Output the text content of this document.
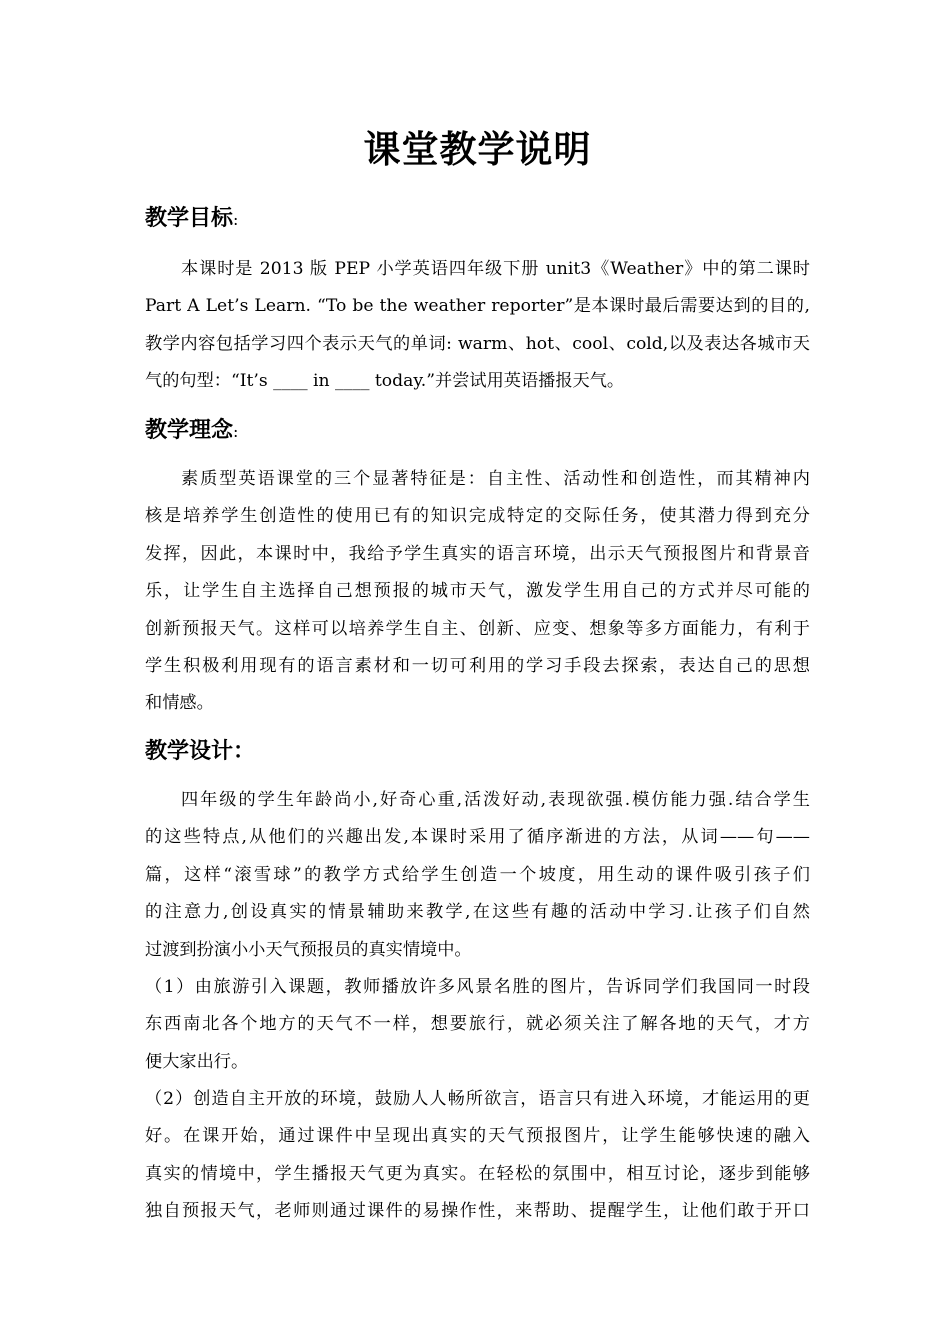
课堂教学说明
教学目标:
本课时是 2013 版 PEP 小学英语四年级下册 unit3《Weather》中的第二课时
Part A Let’s Learn. “To be the weather reporter”是本课时最后需要达到的目的,
教学内容包括学习四个表示天气的单词: warm、hot、cool、cold,以及表达各城市天
气的句型：“It’s ____ in ____ today.”并尝试用英语播报天气。
教学理念:
素质型英语课堂的三个显著特征是：自主性、活动性和创造性，而其精神内
核是培养学生创造性的使用已有的知识完成特定的交际任务，使其潜力得到充分
发挥，因此，本课时中，我给予学生真实的语言环境，出示天气预报图片和背景音
乐，让学生自主选择自己想预报的城市天气，激发学生用自己的方式并尽可能的
创新预报天气。这样可以培养学生自主、创新、应变、想象等多方面能力，有利于
学生积极利用现有的语言素材和一切可利用的学习手段去探索，表达自己的思想
和情感。
教学设计：
四年级的学生年龄尚小,好奇心重,活泼好动,表现欲强.模仿能力强.结合学生
的这些特点,从他们的兴趣出发,本课时采用了循序渐进的方法，从词——句——
篇，这样“滚雪球”的教学方式给学生创造一个坡度，用生动的课件吸引孩子们
的注意力,创设真实的情景辅助来教学,在这些有趣的活动中学习.让孩子们自然
过渡到扮演小小天气预报员的真实情境中。
（1）由旅游引入课题，教师播放许多风景名胜的图片，告诉同学们我国同一时段
东西南北各个地方的天气不一样，想要旅行，就必须关注了解各地的天气，才方
便大家出行。
（2）创造自主开放的环境，鼓励人人畅所欲言，语言只有进入环境，才能运用的更
好。在课开始，通过课件中呈现出真实的天气预报图片，让学生能够快速的融入
真实的情境中，学生播报天气更为真实。在轻松的氛围中，相互讨论，逐步到能够
独自预报天气，老师则通过课件的易操作性，来帮助、提醒学生，让他们敢于开口
